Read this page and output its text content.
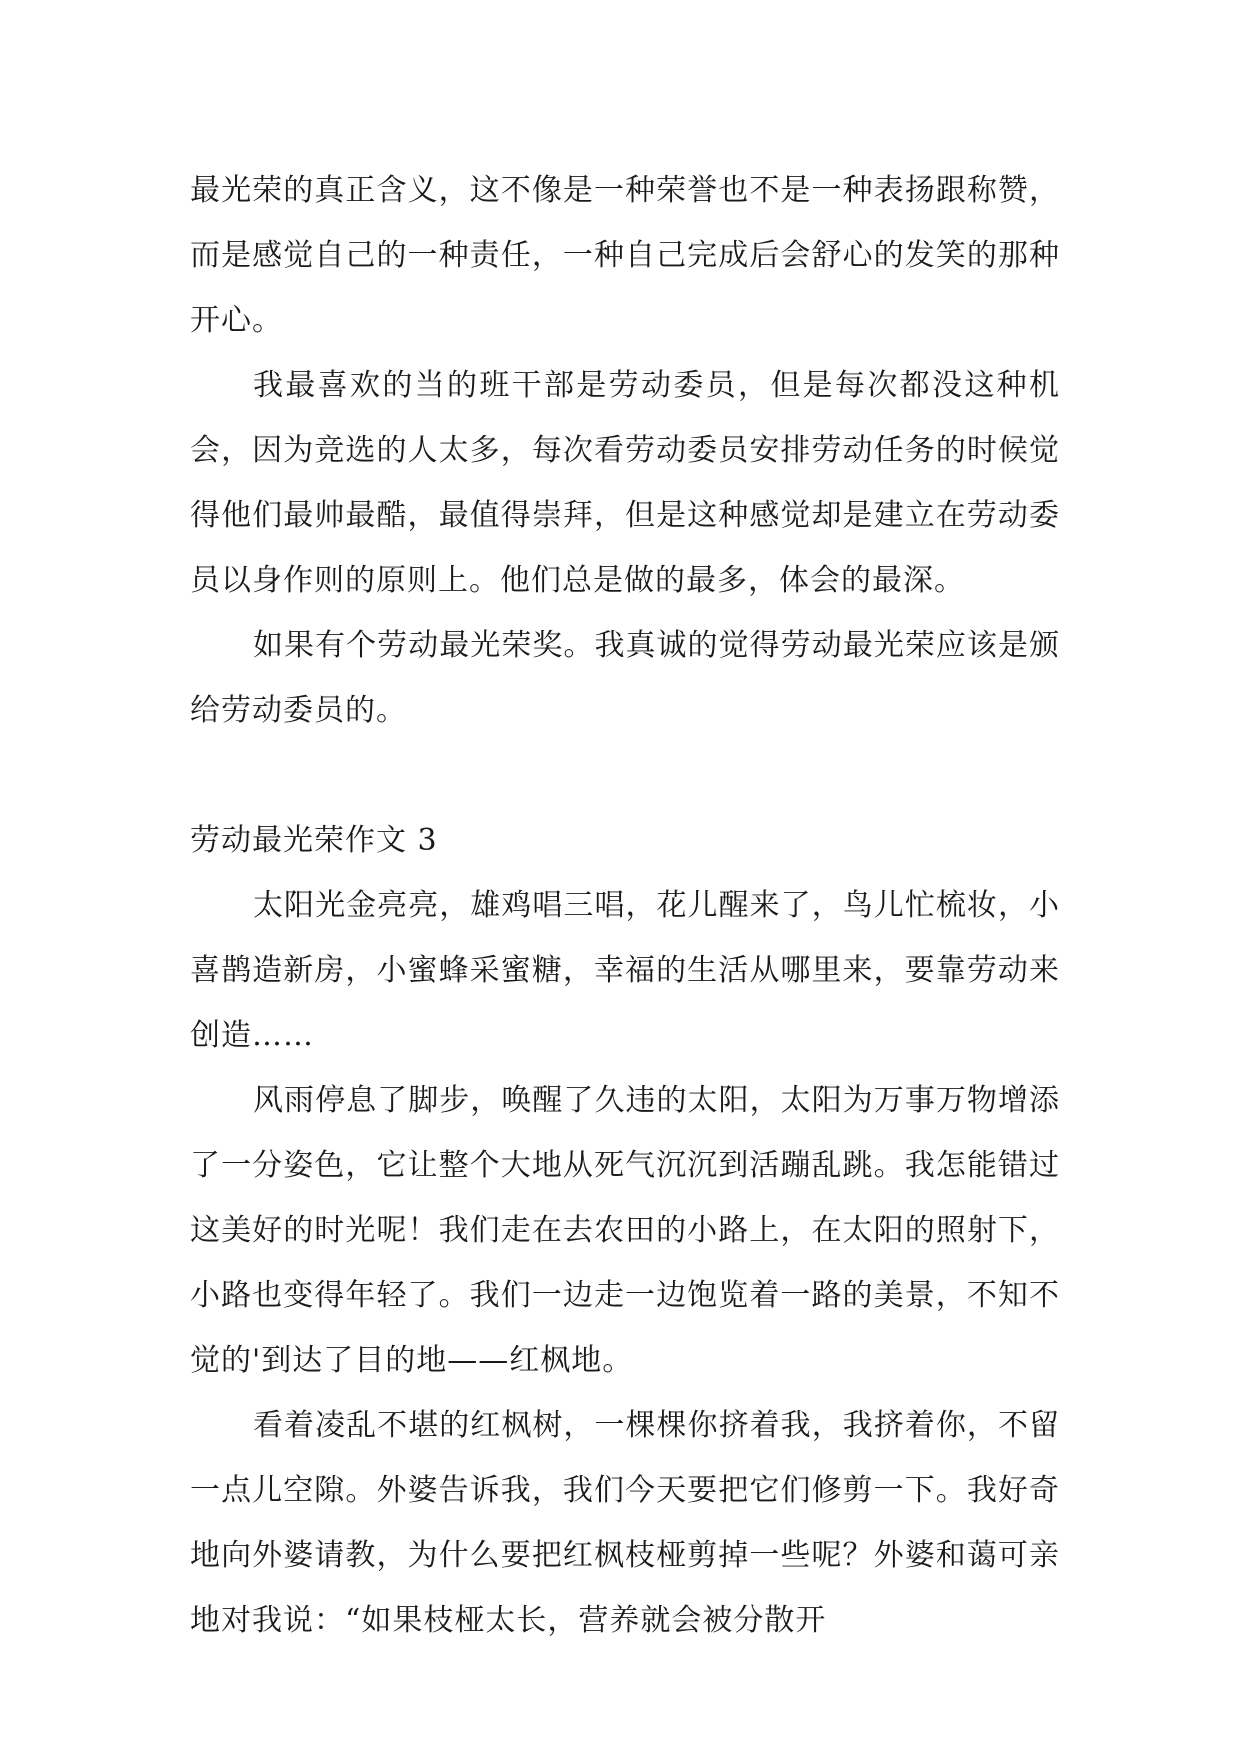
最光荣的真正含义，这不像是一种荣誉也不是一种表扬跟称赞，而是感觉自己的一种责任，一种自己完成后会舒心的发笑的那种开心。

我最喜欢的当的班干部是劳动委员，但是每次都没这种机会，因为竞选的人太多，每次看劳动委员安排劳动任务的时候觉得他们最帅最酷，最值得崇拜，但是这种感觉却是建立在劳动委员以身作则的原则上。他们总是做的最多，体会的最深。

如果有个劳动最光荣奖。我真诚的觉得劳动最光荣应该是颁给劳动委员的。

劳动最光荣作文 3

太阳光金亮亮，雄鸡唱三唱，花儿醒来了，鸟儿忙梳妆，小喜鹊造新房，小蜜蜂采蜜糖，幸福的生活从哪里来，要靠劳动来创造……

风雨停息了脚步，唤醒了久违的太阳，太阳为万事万物增添了一分姿色，它让整个大地从死气沉沉到活蹦乱跳。我怎能错过这美好的时光呢！我们走在去农田的小路上，在太阳的照射下，小路也变得年轻了。我们一边走一边饱览着一路的美景，不知不觉的'到达了目的地——红枫地。

看着凌乱不堪的红枫树，一棵棵你挤着我，我挤着你，不留一点儿空隙。外婆告诉我，我们今天要把它们修剪一下。我好奇地向外婆请教，为什么要把红枫枝桠剪掉一些呢？外婆和蔼可亲地对我说：“如果枝桠太长，营养就会被分散开
